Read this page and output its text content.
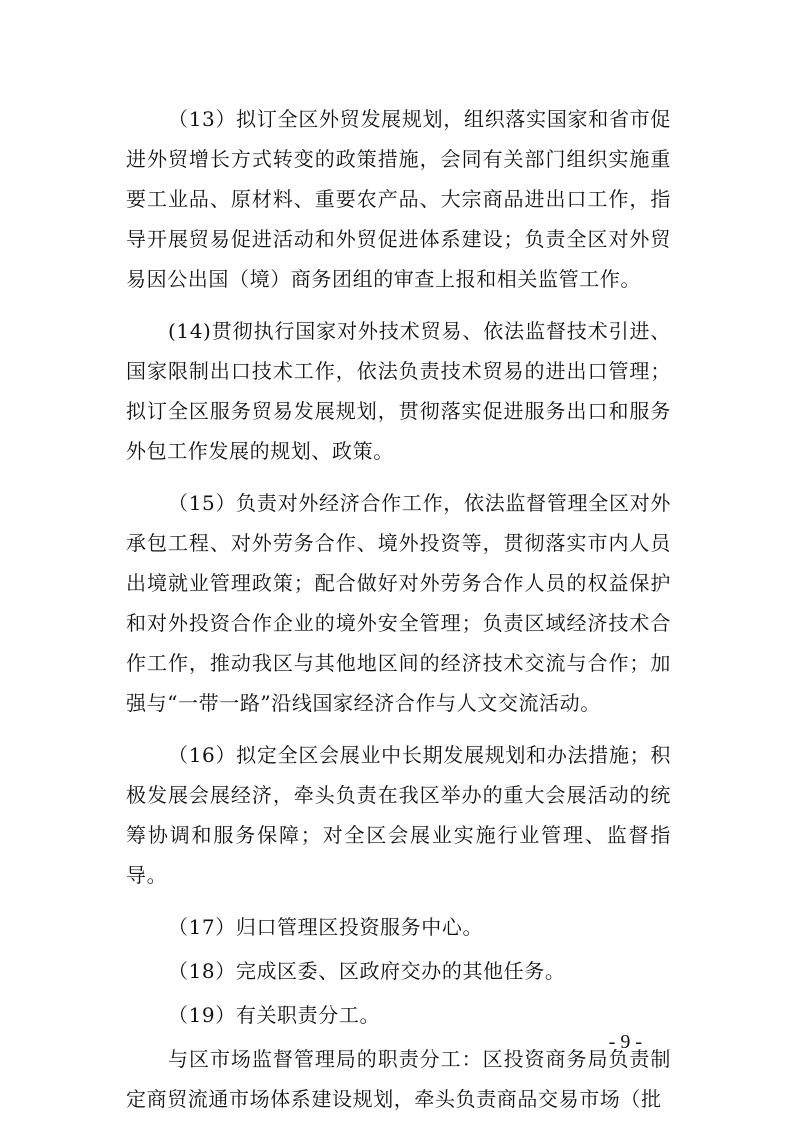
（13）拟订全区外贸发展规划，组织落实国家和省市促进外贸增长方式转变的政策措施，会同有关部门组织实施重要工业品、原材料、重要农产品、大宗商品进出口工作，指导开展贸易促进活动和外贸促进体系建设；负责全区对外贸易因公出国（境）商务团组的审查上报和相关监管工作。

(14)贯彻执行国家对外技术贸易、依法监督技术引进、国家限制出口技术工作，依法负责技术贸易的进出口管理；拟订全区服务贸易发展规划，贯彻落实促进服务出口和服务外包工作发展的规划、政策。

（15）负责对外经济合作工作，依法监督管理全区对外承包工程、对外劳务合作、境外投资等，贯彻落实市内人员出境就业管理政策；配合做好对外劳务合作人员的权益保护和对外投资合作企业的境外安全管理；负责区域经济技术合作工作，推动我区与其他地区间的经济技术交流与合作；加强与“一带一路”沿线国家经济合作与人文交流活动。

（16）拟定全区会展业中长期发展规划和办法措施；积极发展会展经济，牵头负责在我区举办的重大会展活动的统筹协调和服务保障；对全区会展业实施行业管理、监督指导。

（17）归口管理区投资服务中心。

（18）完成区委、区政府交办的其他任务。

（19）有关职责分工。

与区市场监督管理局的职责分工：区投资商务局负责制定商贸流通市场体系建设规划，牵头负责商品交易市场（批

- 9 -
